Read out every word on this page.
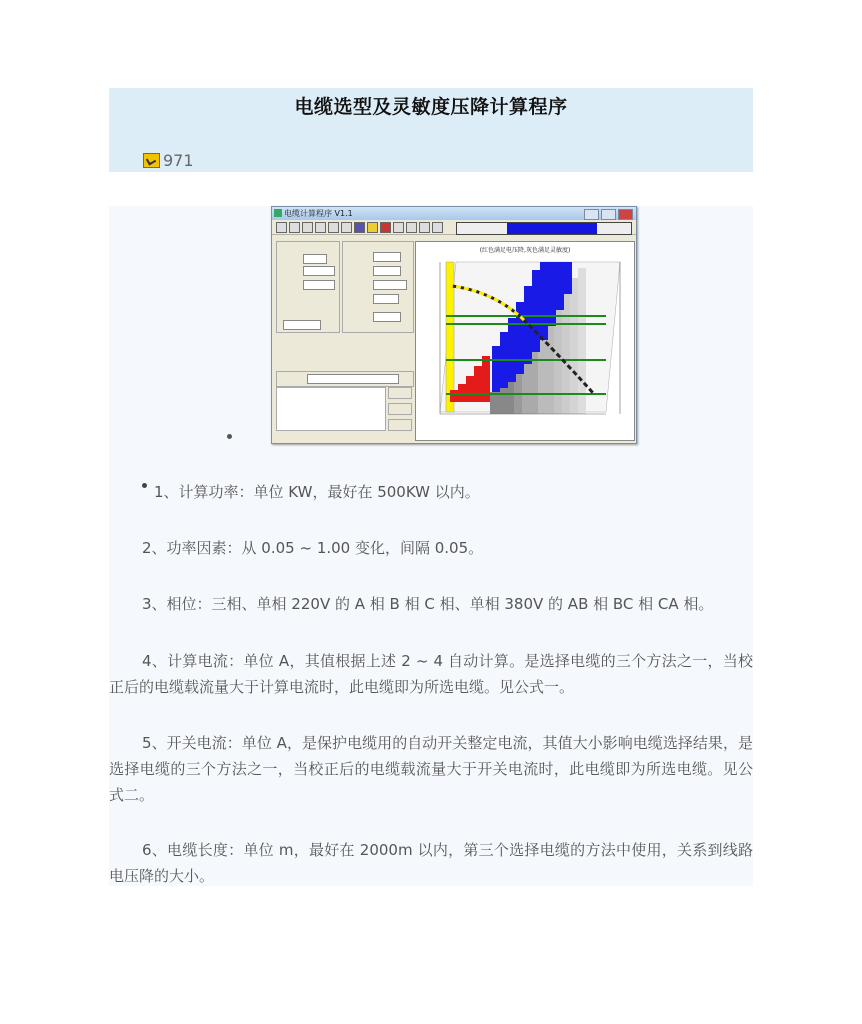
电缆选型及灵敏度压降计算程序
971
电缆计算程序 V1.1
(红色满足电压降,灰色满足灵敏度)
1、计算功率：单位 KW，最好在 500KW 以内。
2、功率因素：从 0.05 ~ 1.00 变化，间隔 0.05。
3、相位：三相、单相 220V 的 A 相 B 相 C 相、单相 380V 的 AB 相 BC 相 CA 相。
4、计算电流：单位 A，其值根据上述 2 ~ 4 自动计算。是选择电缆的三个方法之一，当校正后的电缆载流量大于计算电流时，此电缆即为所选电缆。见公式一。
5、开关电流：单位 A，是保护电缆用的自动开关整定电流，其值大小影响电缆选择结果，是选择电缆的三个方法之一，当校正后的电缆载流量大于开关电流时，此电缆即为所选电缆。见公式二。
6、电缆长度：单位 m，最好在 2000m 以内，第三个选择电缆的方法中使用，关系到线路电压降的大小。
